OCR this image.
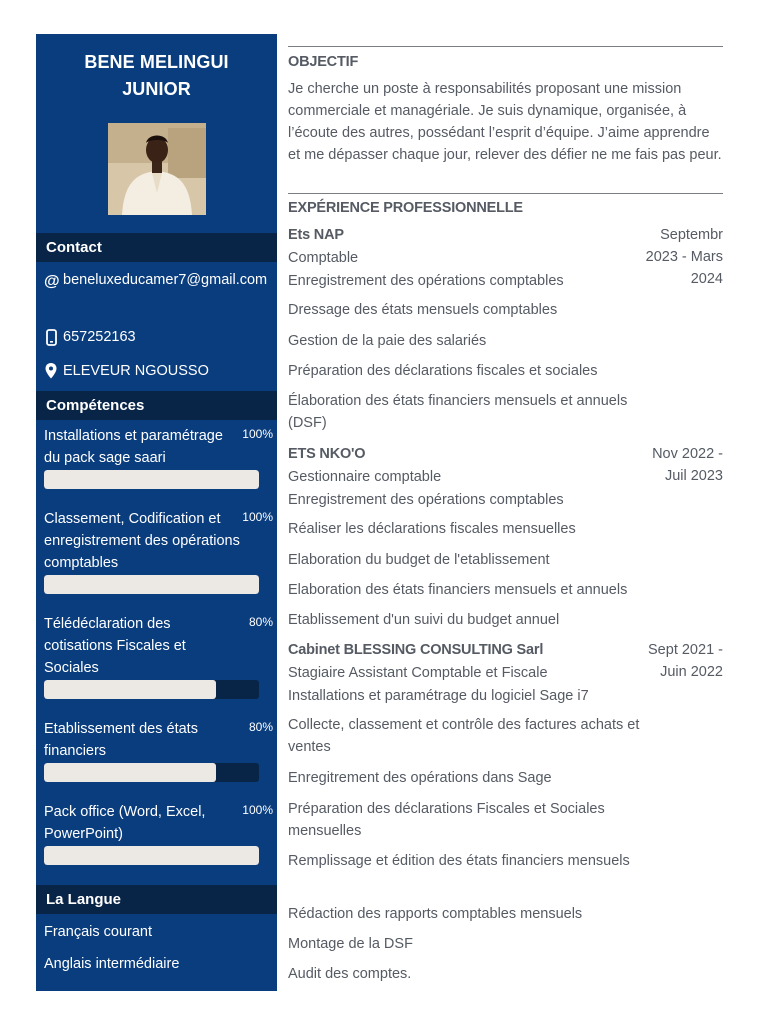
BENE MELINGUI
JUNIOR
Contact
@ beneluxeducamer7@gmail.com
657252163
ELEVEUR NGOUSSO
Compétences
Installations et paramétrage du pack sage saari
100%
Classement, Codification et enregistrement des opérations comptables
100%
Télédéclaration des cotisations Fiscales et Sociales
80%
Etablissement des états financiers
80%
Pack office (Word, Excel, PowerPoint)
100%
La Langue
Français courant
Anglais intermédiaire
OBJECTIF
Je cherche un poste à responsabilités proposant une mission commerciale et managériale. Je suis dynamique, organisée, à l’écoute des autres, possédant l’esprit d’équipe. J’aime apprendre et me dépasser chaque jour, relever des défier ne me fais pas peur.
EXPÉRIENCE PROFESSIONNELLE
Ets NAP	Septembr 2023 - Mars 2024
Comptable
Enregistrement des opérations comptables
Dressage des états mensuels comptables
Gestion de la paie des salariés
Préparation des déclarations fiscales et sociales
Élaboration des états financiers mensuels et annuels (DSF)
ETS NKO'O	Nov 2022 - Juil 2023
Gestionnaire comptable
Enregistrement des opérations comptables
Réaliser les déclarations fiscales mensuelles
Elaboration du budget de l'etablissement
Elaboration des états financiers mensuels et annuels
Etablissement d'un suivi du budget annuel
Cabinet BLESSING CONSULTING Sarl	Sept 2021 - Juin 2022
Stagiaire Assistant Comptable et Fiscale
Installations et paramétrage du logiciel Sage i7
Collecte, classement et contrôle des factures achats et ventes
Enregitrement des opérations dans Sage
Préparation des déclarations Fiscales et Sociales mensuelles
Remplissage et édition des états financiers mensuels
Rédaction des rapports comptables mensuels
Montage de la DSF
Audit des comptes.
